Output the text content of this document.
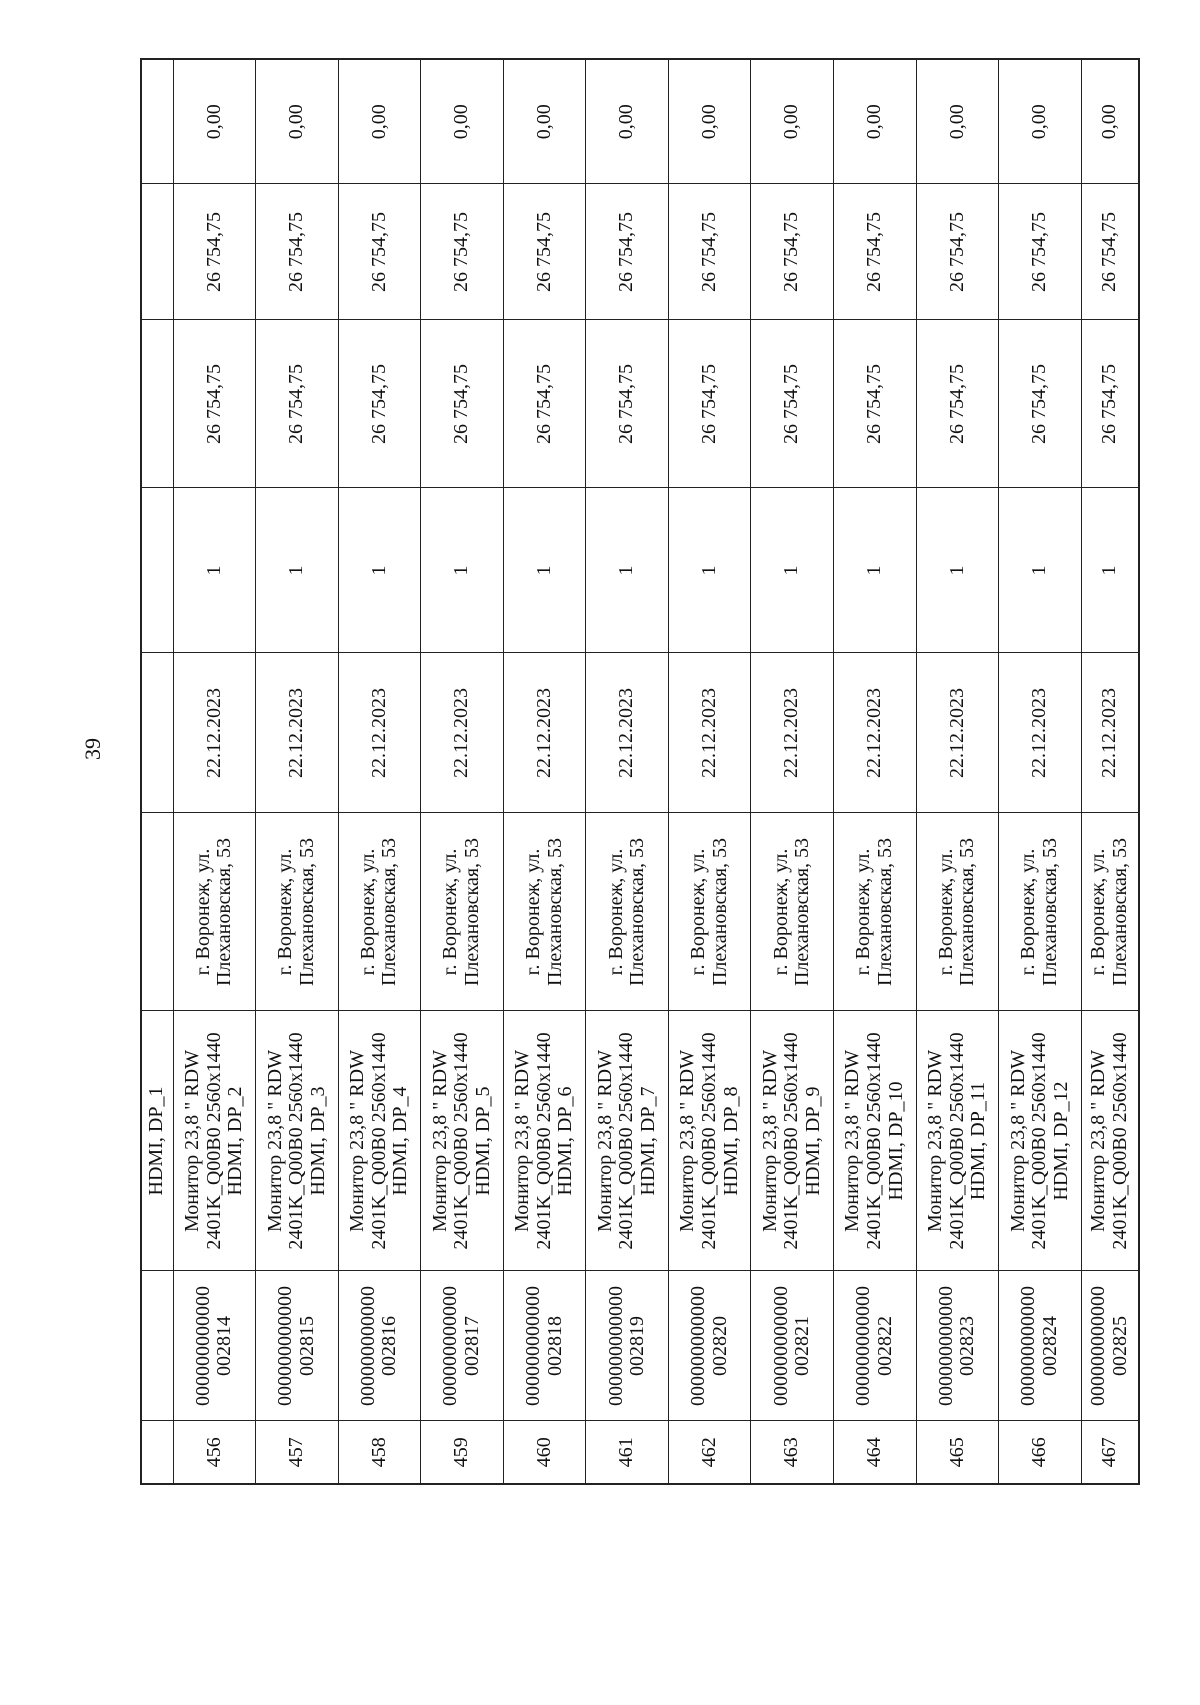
39
		HDMI, DP_1						

456	000000000000 002814	Монитор 23,8 " RDW 2401K_Q00B0 2560x1440 HDMI, DP_2	г. Воронеж, ул. Плехановская, 53	22.12.2023	1	26 754,75	26 754,75	0,00

457	000000000000 002815	Монитор 23,8 " RDW 2401K_Q00B0 2560x1440 HDMI, DP_3	г. Воронеж, ул. Плехановская, 53	22.12.2023	1	26 754,75	26 754,75	0,00

458	000000000000 002816	Монитор 23,8 " RDW 2401K_Q00B0 2560x1440 HDMI, DP_4	г. Воронеж, ул. Плехановская, 53	22.12.2023	1	26 754,75	26 754,75	0,00

459	000000000000 002817	Монитор 23,8 " RDW 2401K_Q00B0 2560x1440 HDMI, DP_5	г. Воронеж, ул. Плехановская, 53	22.12.2023	1	26 754,75	26 754,75	0,00

460	000000000000 002818	Монитор 23,8 " RDW 2401K_Q00B0 2560x1440 HDMI, DP_6	г. Воронеж, ул. Плехановская, 53	22.12.2023	1	26 754,75	26 754,75	0,00

461	000000000000 002819	Монитор 23,8 " RDW 2401K_Q00B0 2560x1440 HDMI, DP_7	г. Воронеж, ул. Плехановская, 53	22.12.2023	1	26 754,75	26 754,75	0,00

462	000000000000 002820	Монитор 23,8 " RDW 2401K_Q00B0 2560x1440 HDMI, DP_8	г. Воронеж, ул. Плехановская, 53	22.12.2023	1	26 754,75	26 754,75	0,00

463	000000000000 002821	Монитор 23,8 " RDW 2401K_Q00B0 2560x1440 HDMI, DP_9	г. Воронеж, ул. Плехановская, 53	22.12.2023	1	26 754,75	26 754,75	0,00

464	000000000000 002822	Монитор 23,8 " RDW 2401K_Q00B0 2560x1440 HDMI, DP_10	г. Воронеж, ул. Плехановская, 53	22.12.2023	1	26 754,75	26 754,75	0,00

465	000000000000 002823	Монитор 23,8 " RDW 2401K_Q00B0 2560x1440 HDMI, DP_11	г. Воронеж, ул. Плехановская, 53	22.12.2023	1	26 754,75	26 754,75	0,00

466	000000000000 002824	Монитор 23,8 " RDW 2401K_Q00B0 2560x1440 HDMI, DP_12	г. Воронеж, ул. Плехановская, 53	22.12.2023	1	26 754,75	26 754,75	0,00

467	000000000000 002825	Монитор 23,8 " RDW 2401K_Q00B0 2560x1440	г. Воронеж, ул. Плехановская, 53	22.12.2023	1	26 754,75	26 754,75	0,00
